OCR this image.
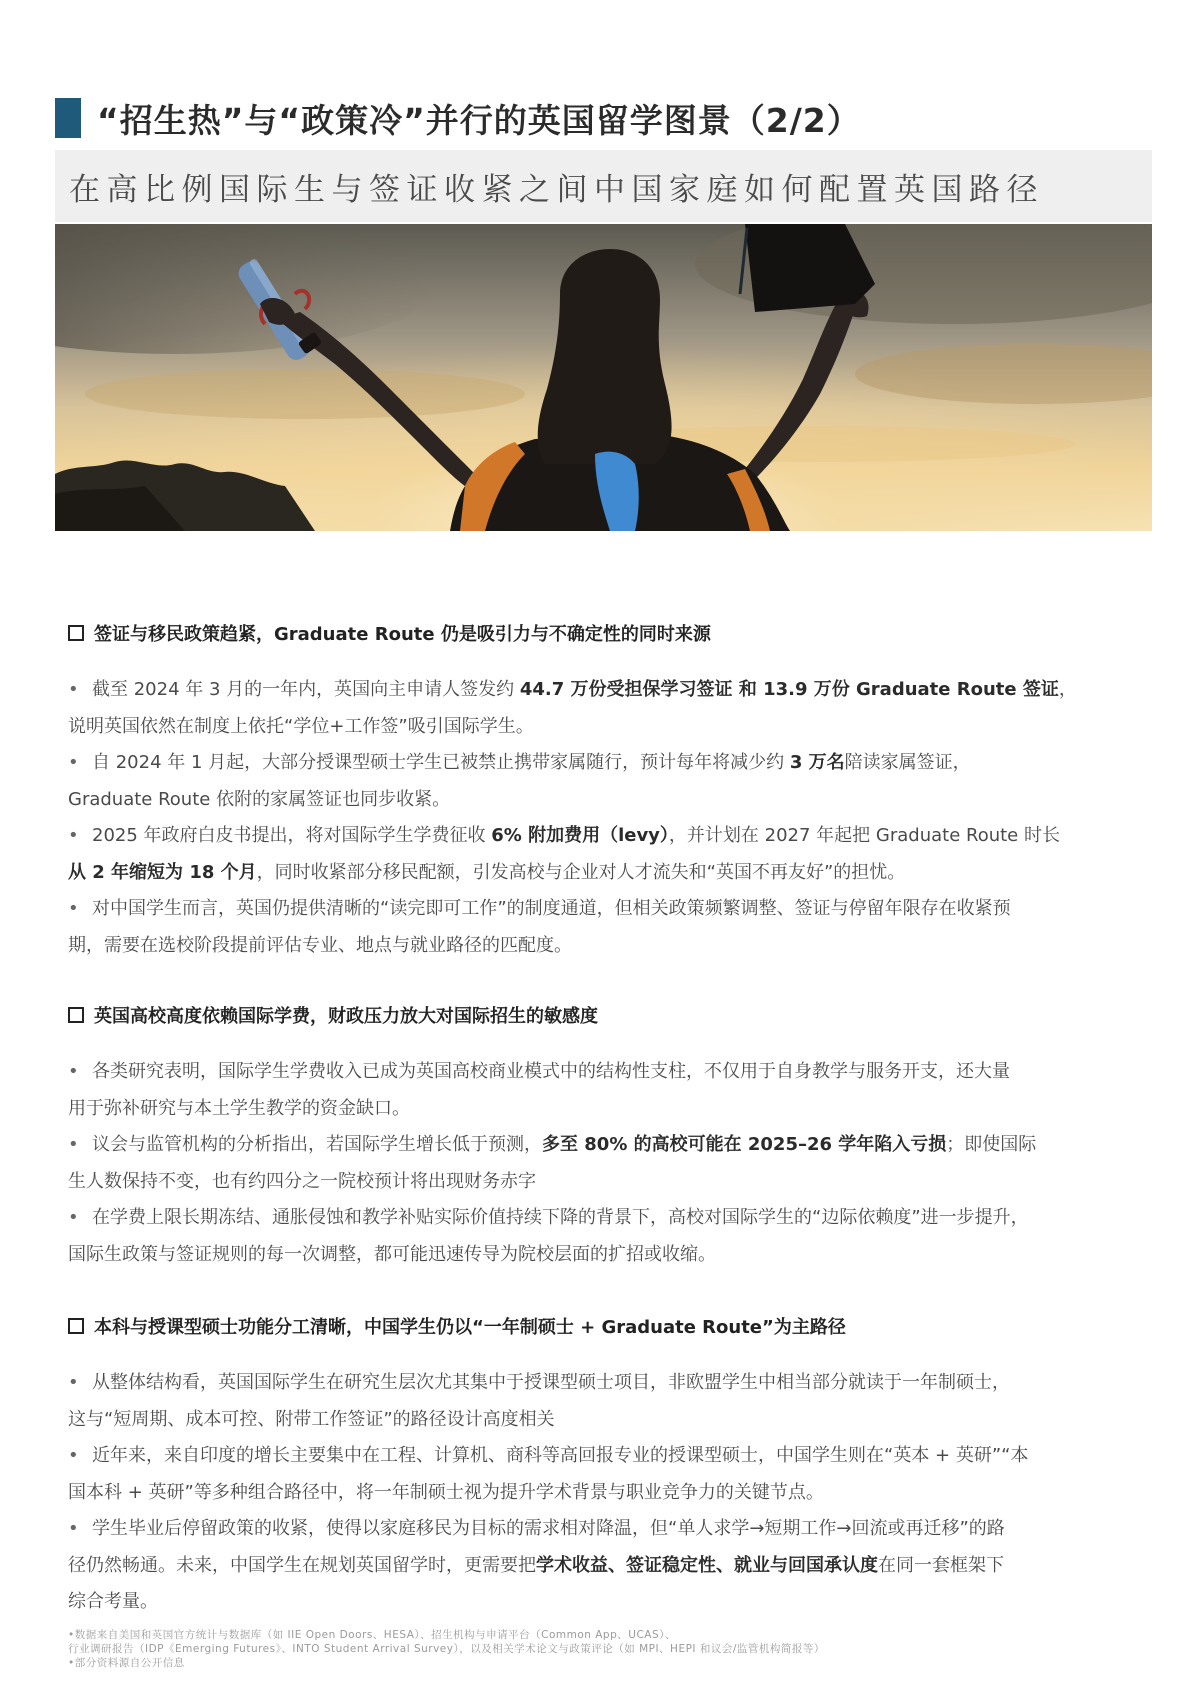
“招生热”与“政策冷”并行的英国留学图景（2/2）
在高比例国际生与签证收紧之间中国家庭如何配置英国路径
签证与移民政策趋紧，Graduate Route 仍是吸引力与不确定性的同时来源

• 截至 2024 年 3 月的一年内，英国向主申请人签发约 44.7 万份受担保学习签证 和 13.9 万份 Graduate Route 签证，
说明英国依然在制度上依托“学位+工作签”吸引国际学生。

• 自 2024 年 1 月起，大部分授课型硕士学生已被禁止携带家属随行，预计每年将减少约 3 万名陪读家属签证，
Graduate Route 依附的家属签证也同步收紧。

• 2025 年政府白皮书提出，将对国际学生学费征收 6% 附加费用（levy），并计划在 2027 年起把 Graduate Route 时长
从 2 年缩短为 18 个月，同时收紧部分移民配额，引发高校与企业对人才流失和“英国不再友好”的担忧。

• 对中国学生而言，英国仍提供清晰的“读完即可工作”的制度通道，但相关政策频繁调整、签证与停留年限存在收紧预
期，需要在选校阶段提前评估专业、地点与就业路径的匹配度。

英国高校高度依赖国际学费，财政压力放大对国际招生的敏感度

• 各类研究表明，国际学生学费收入已成为英国高校商业模式中的结构性支柱，不仅用于自身教学与服务开支，还大量
用于弥补研究与本土学生教学的资金缺口。

• 议会与监管机构的分析指出，若国际学生增长低于预测，多至 80% 的高校可能在 2025–26 学年陷入亏损；即使国际
生人数保持不变，也有约四分之一院校预计将出现财务赤字

• 在学费上限长期冻结、通胀侵蚀和教学补贴实际价值持续下降的背景下，高校对国际学生的“边际依赖度”进一步提升，
国际生政策与签证规则的每一次调整，都可能迅速传导为院校层面的扩招或收缩。

本科与授课型硕士功能分工清晰，中国学生仍以“一年制硕士 + Graduate Route”为主路径

• 从整体结构看，英国国际学生在研究生层次尤其集中于授课型硕士项目，非欧盟学生中相当部分就读于一年制硕士，
这与“短周期、成本可控、附带工作签证”的路径设计高度相关

• 近年来，来自印度的增长主要集中在工程、计算机、商科等高回报专业的授课型硕士，中国学生则在“英本 + 英研”“本
国本科 + 英研”等多种组合路径中，将一年制硕士视为提升学术背景与职业竞争力的关键节点。

• 学生毕业后停留政策的收紧，使得以家庭移民为目标的需求相对降温，但“单人求学→短期工作→回流或再迁移”的路
径仍然畅通。未来，中国学生在规划英国留学时，更需要把学术收益、签证稳定性、就业与回国承认度在同一套框架下
综合考量。

•数据来自美国和英国官方统计与数据库（如 IIE Open Doors、HESA）、招生机构与申请平台（Common App、UCAS）、
行业调研报告（IDP《Emerging Futures》、INTO Student Arrival Survey），以及相关学术论文与政策评论（如 MPI、HEPI 和议会/监管机构简报等）
•部分资料源自公开信息
